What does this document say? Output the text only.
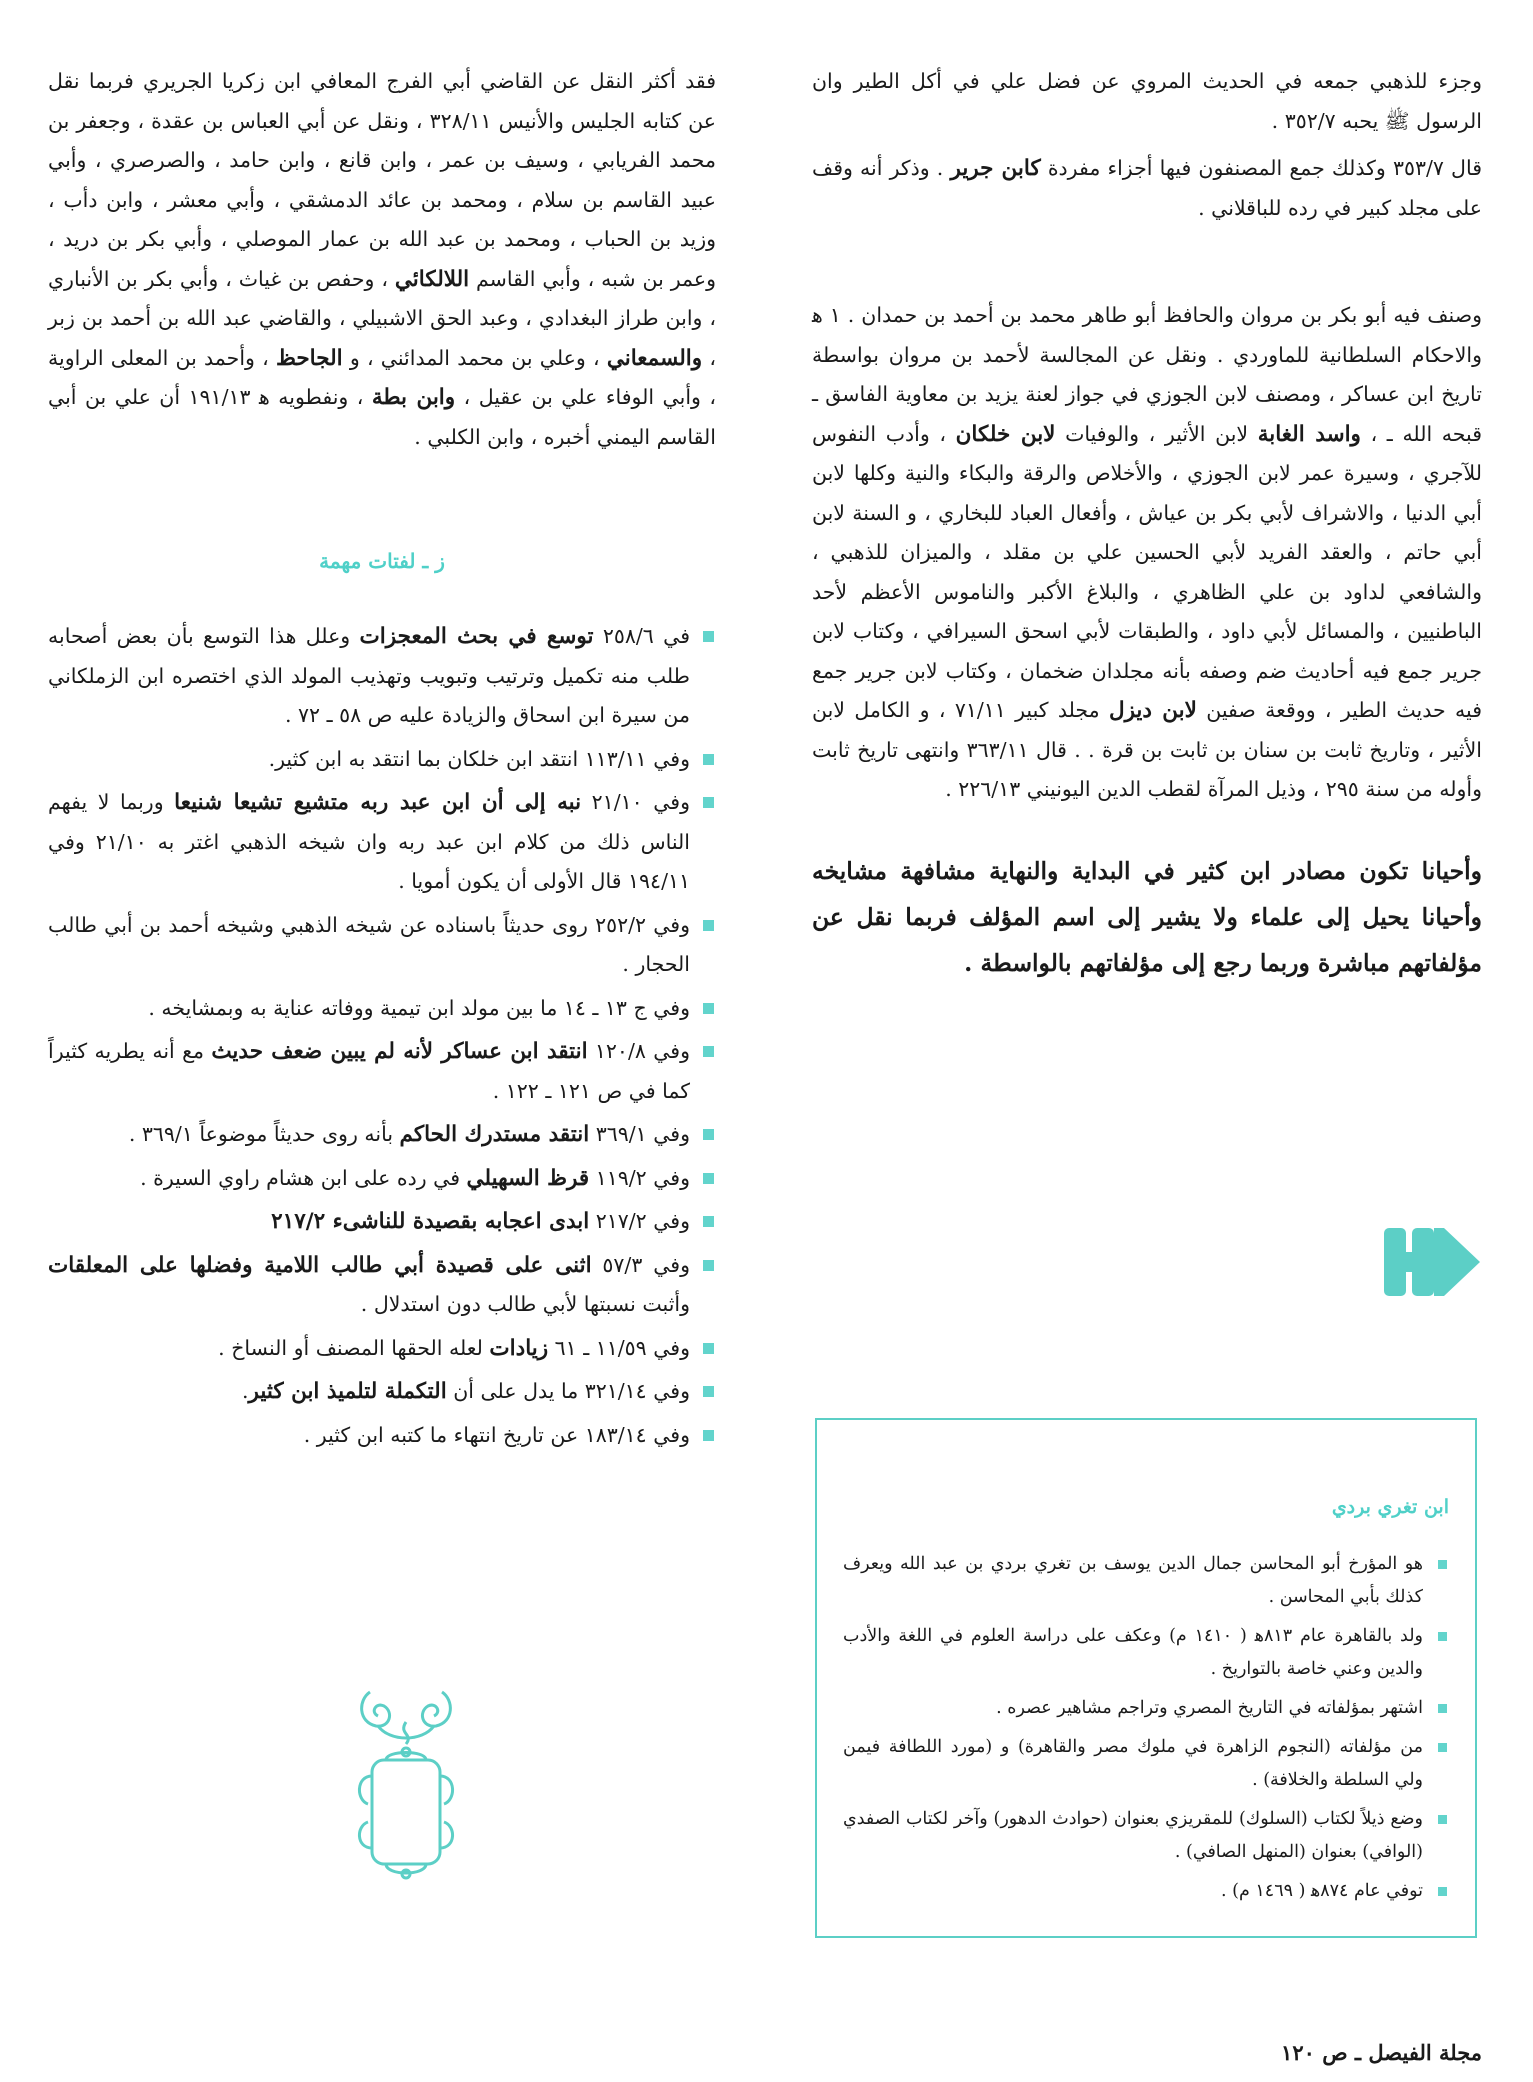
وجزء للذهبي جمعه في الحديث المروي عن فضل علي في أكل الطير وان الرسول ﷺ يحبه ٣٥٢/٧ .

قال ٣٥٣/٧ وكذلك جمع المصنفون فيها أجزاء مفردة كابن جرير . وذكر أنه وقف على مجلد كبير في رده للباقلاني .

وصنف فيه أبو بكر بن مروان والحافظ أبو طاهر محمد بن أحمد بن حمدان . ١ ﻫ والاحكام السلطانية للماوردي . ونقل عن المجالسة لأحمد بن مروان بواسطة تاريخ ابن عساكر ، ومصنف لابن الجوزي في جواز لعنة يزيد بن معاوية الفاسق ـ قبحه الله ـ ، واسد الغابة لابن الأثير ، والوفيات لابن خلكان ، وأدب النفوس للآجري ، وسيرة عمر لابن الجوزي ، والأخلاص والرقة والبكاء والنية وكلها لابن أبي الدنيا ، والاشراف لأبي بكر بن عياش ، وأفعال العباد للبخاري ، و السنة لابن أبي حاتم ، والعقد الفريد لأبي الحسين علي بن مقلد ، والميزان للذهبي ، والشافعي لداود بن علي الظاهري ، والبلاغ الأكبر والناموس الأعظم لأحد الباطنيين ، والمسائل لأبي داود ، والطبقات لأبي اسحق السيرافي ، وكتاب لابن جرير جمع فيه أحاديث ضم وصفه بأنه مجلدان ضخمان ، وكتاب لابن جرير جمع فيه حديث الطير ، ووقعة صفين لابن ديزل مجلد كبير ٧١/١١ ، و الكامل لابن الأثير ، وتاريخ ثابت بن سنان بن ثابت بن قرة . . قال ٣٦٣/١١ وانتهى تاريخ ثابت وأوله من سنة ٢٩٥ ، وذيل المرآة لقطب الدين اليونيني ٢٢٦/١٣ .

وأحيانا تكون مصادر ابن كثير في البداية والنهاية مشافهة مشايخه وأحيانا يحيل إلى علماء ولا يشير إلى اسم المؤلف فربما نقل عن مؤلفاتهم مباشرة وربما رجع إلى مؤلفاتهم بالواسطة .

فقد أكثر النقل عن القاضي أبي الفرج المعافي ابن زكريا الجريري فربما نقل عن كتابه الجليس والأنيس ٣٢٨/١١ ، ونقل عن أبي العباس بن عقدة ، وجعفر بن محمد الفريابي ، وسيف بن عمر ، وابن قانع ، وابن حامد ، والصرصري ، وأبي عبيد القاسم بن سلام ، ومحمد بن عائد الدمشقي ، وأبي معشر ، وابن دأب ، وزيد بن الحباب ، ومحمد بن عبد الله بن عمار الموصلي ، وأبي بكر بن دريد ، وعمر بن شبه ، وأبي القاسم اللالكائي ، وحفص بن غياث ، وأبي بكر بن الأنباري ، وابن طراز البغدادي ، وعبد الحق الاشبيلي ، والقاضي عبد الله بن أحمد بن زبر ، والسمعاني ، وعلي بن محمد المدائني ، و الجاحظ ، وأحمد بن المعلى الراوية ، وأبي الوفاء علي بن عقيل ، وابن بطة ، ونفطويه ﻫ ١٩١/١٣ أن علي بن أبي القاسم اليمني أخبره ، وابن الكلبي .

ز ـ لفتات مهمة
في ٢٥٨/٦ توسع في بحث المعجزات وعلل هذا التوسع بأن بعض أصحابه طلب منه تكميل وترتيب وتبويب وتهذيب المولد الذي اختصره ابن الزملكاني من سيرة ابن اسحاق والزيادة عليه ص ٥٨ ـ ٧٢ .
وفي ١١٣/١١ انتقد ابن خلكان بما انتقد به ابن كثير.
وفي ٢١/١٠ نبه إلى أن ابن عبد ربه متشيع تشيعا شنيعا وربما لا يفهم الناس ذلك من كلام ابن عبد ربه وان شيخه الذهبي اغتر به ٢١/١٠ وفي ١٩٤/١١ قال الأولى أن يكون أمويا .
وفي ٢٥٢/٢ روى حديثاً باسناده عن شيخه الذهبي وشيخه أحمد بن أبي طالب الحجار .
وفي ج ١٣ ـ ١٤ ما بين مولد ابن تيمية ووفاته عناية به وبمشايخه .
وفي ١٢٠/٨ انتقد ابن عساكر لأنه لم يبين ضعف حديث مع أنه يطريه كثيراً كما في ص ١٢١ ـ ١٢٢ .
وفي ٣٦٩/١ انتقد مستدرك الحاكم بأنه روى حديثاً موضوعاً ٣٦٩/١ .
وفي ١١٩/٢ قرظ السهيلي في رده على ابن هشام راوي السيرة .
وفي ٢١٧/٢ ابدى اعجابه بقصيدة للناشىء ٢١٧/٢
وفي ٥٧/٣ اثنى على قصيدة أبي طالب اللامية وفضلها على المعلقات وأثبت نسبتها لأبي طالب دون استدلال .
وفي ١١/٥٩ ـ ٦١ زيادات لعله الحقها المصنف أو النساخ .
وفي ٣٢١/١٤ ما يدل على أن التكملة لتلميذ ابن كثير.
وفي ١٨٣/١٤ عن تاريخ انتهاء ما كتبه ابن كثير .
ابن تغري بردي
هو المؤرخ أبو المحاسن جمال الدين يوسف بن تغري بردي بن عبد الله ويعرف كذلك بأبي المحاسن .
ولد بالقاهرة عام ٨١٣ﻫ ( ١٤١٠ م) وعكف على دراسة العلوم في اللغة والأدب والدين وعني خاصة بالتواريخ .
اشتهر بمؤلفاته في التاريخ المصري وتراجم مشاهير عصره .
من مؤلفاته (النجوم الزاهرة في ملوك مصر والقاهرة) و (مورد اللطافة فيمن ولي السلطة والخلافة) .
وضع ذيلاً لكتاب (السلوك) للمقريزي بعنوان (حوادث الدهور) وآخر لكتاب الصفدي (الوافي) بعنوان (المنهل الصافي) .
توفي عام ٨٧٤ﻫ ( ١٤٦٩ م) .
مجلة الفيصل ـ ص ١٢٠
